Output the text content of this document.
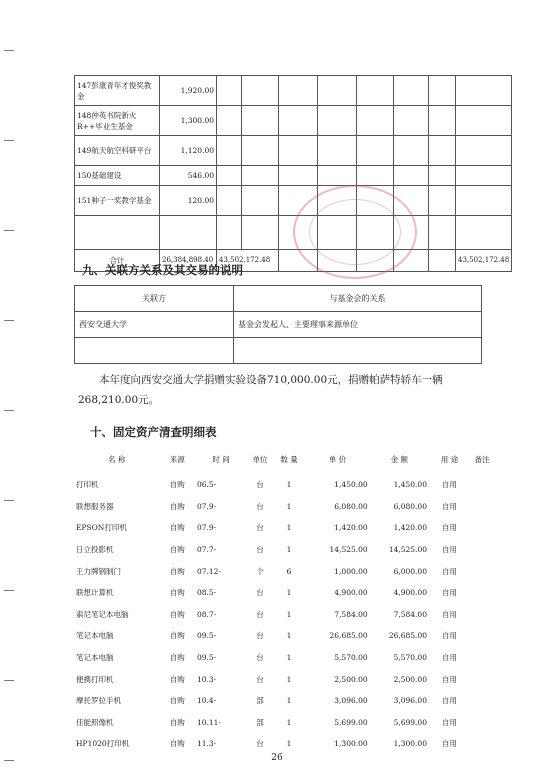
147彭康青年才俊奖教金	1,920.00								
148仲英书院新火R++毕业生基金	1,300.00								
149航天航空科研平台	1,120.00								
150基础建设	546.00								
151种子一奖教学基金	120.00								

合计	26,384,898.40	43,502,172.48							43,502,172.48
九、关联方关系及其交易的说明
关联方	与基金会的关系
西安交通大学	基金会发起人、主要理事来源单位

本年度向西安交通大学捐赠实验设备710,000.00元，捐赠帕萨特轿车一辆
268,210.00元。
十、固定资产清查明细表
名 称	来源	时 间	单位	数 量	单 价	金 额	用 途	备注
打印机	自购	06.5-	台	1	1,450.00	1,450.00	自用	
联想服务器	自购	07.9-	台	1	6,080.00	6,080.00	自用	
EPSON打印机	自购	07.9-	台	1	1,420.00	1,420.00	自用	
日立投影机	自购	07.7-	台	1	14,525.00	14,525.00	自用	
王力牌钢制门	自购	07.12-	个	6	1,000.00	6,000.00	自用	
联想计算机	自购	08.5-	台	1	4,900.00	4,900.00	自用	
索尼笔记本电脑	自购	08.7-	台	1	7,584.00	7,584.00	自用	
笔记本电脑	自购	09.5-	台	1	26,685.00	26,685.00	自用	
笔记本电脑	自购	09.5-	台	1	5,570.00	5,570.00	自用	
便携打印机	自购	10.3-	台	1	2,500.00	2,500.00	自用	
摩托罗拉手机	自购	10.4-	部	1	3,096.00	3,096.00	自用	
佳能照像机	自购	10.11-	部	1	5,699.00	5,699.00	自用	
HP1020打印机	自购	11.3-	台	1	1,300.00	1,300.00	自用	
26
